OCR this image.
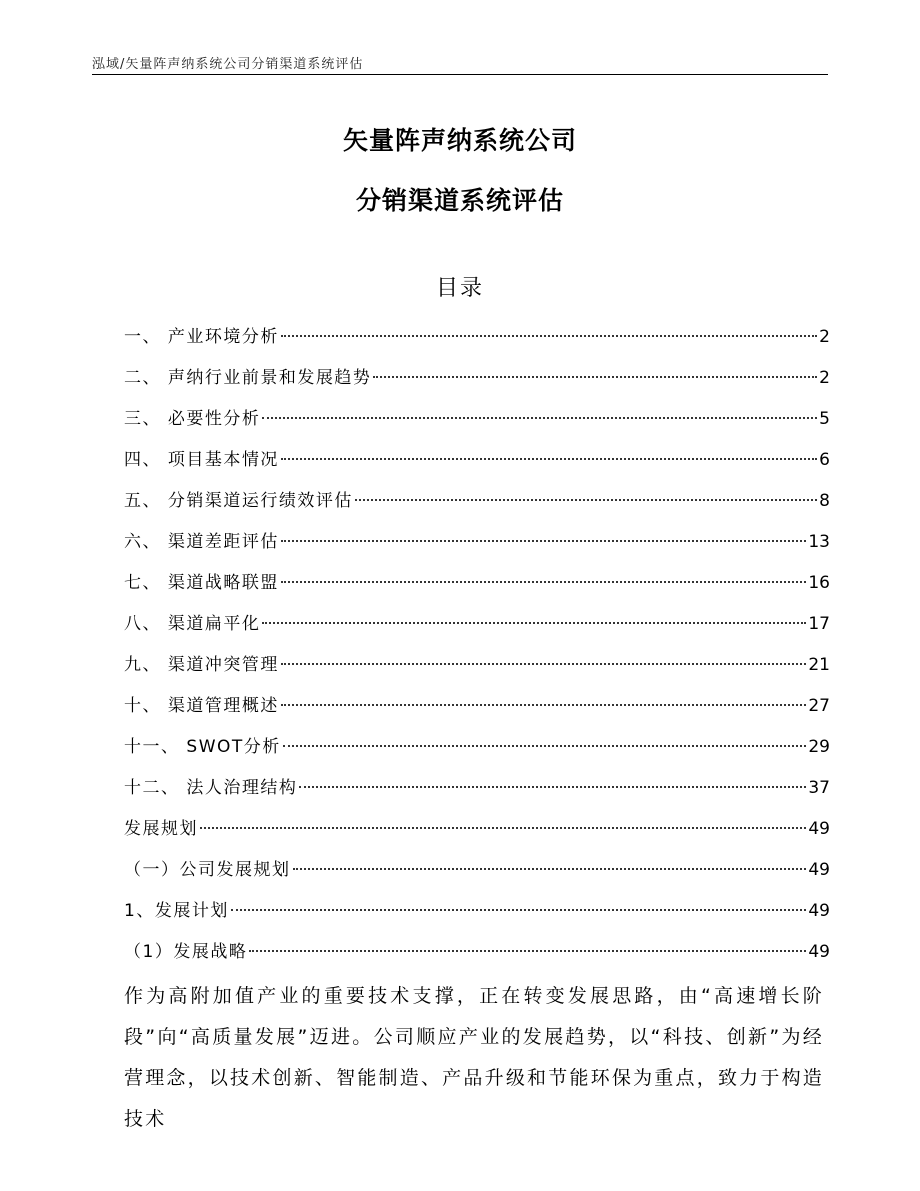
泓域/矢量阵声纳系统公司分销渠道系统评估
矢量阵声纳系统公司
分销渠道系统评估
目录
一、 产业环境分析	2
二、 声纳行业前景和发展趋势	2
三、 必要性分析	5
四、 项目基本情况	6
五、 分销渠道运行绩效评估	8
六、 渠道差距评估	13
七、 渠道战略联盟	16
八、 渠道扁平化	17
九、 渠道冲突管理	21
十、 渠道管理概述	27
十一、 SWOT分析	29
十二、 法人治理结构	37
发展规划	49
（一）公司发展规划	49
1、发展计划	49
（1）发展战略	49

作为高附加值产业的重要技术支撑，正在转变发展思路，由“高速增长阶段”向“高质量发展”迈进。公司顺应产业的发展趋势，以“科技、创新”为经营理念，以技术创新、智能制造、产品升级和节能环保为重点，致力于构造技术
